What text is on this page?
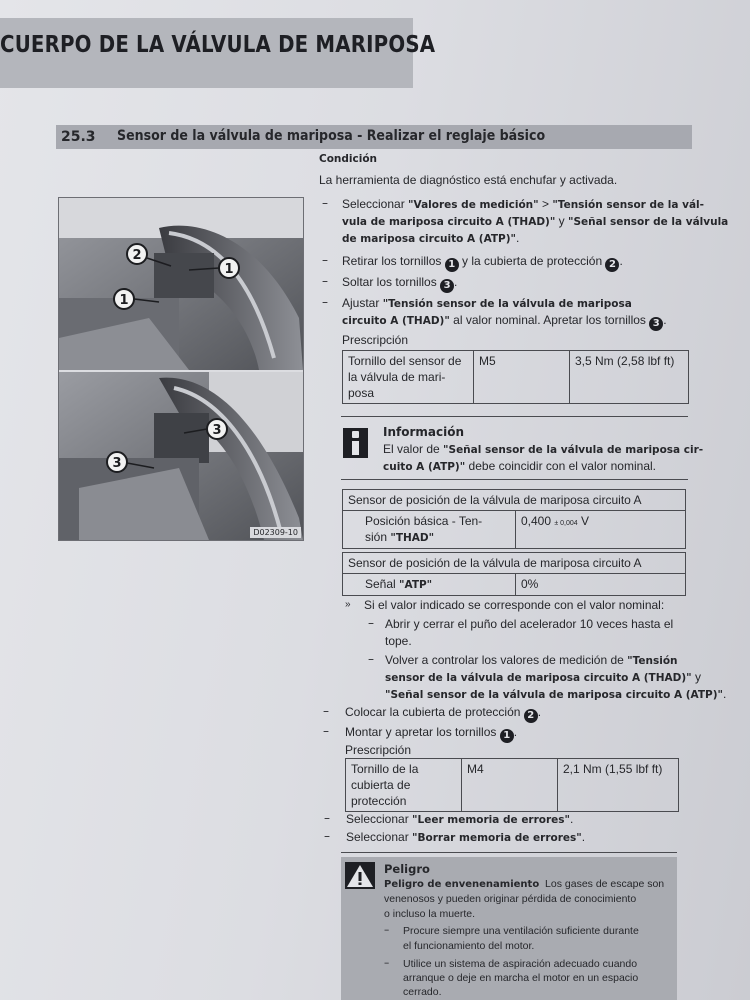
CUERPO DE LA VÁLVULA DE MARIPOSA
25.3 Sensor de la válvula de mariposa - Realizar el reglaje básico
2
1
1
3
3
D02309-10
Condición
La herramienta de diagnóstico está enchufar y activada.
– Seleccionar "Valores de medición" > "Tensión sensor de la vál-
vula de mariposa circuito A (THAD)" y "Señal sensor de la válvula
de mariposa circuito A (ATP)".
– Retirar los tornillos 1 y la cubierta de protección 2 .
– Soltar los tornillos 3 .
– Ajustar "Tensión sensor de la válvula de mariposa
circuito A (THAD)" al valor nominal. Apretar los tornillos 3 .
Prescripción
Tornillo del sensor de la válvula de mari-posa	M5	3,5 Nm (2,58 lbf ft)
Información
El valor de "Señal sensor de la válvula de mariposa cir-
cuito A (ATP)" debe coincidir con el valor nominal.
Sensor de posición de la válvula de mariposa circuito A
Posición básica - Ten-
sión "THAD"	0,400 ± 0,004 V
Sensor de posición de la válvula de mariposa circuito A
Señal "ATP"	0%
» Si el valor indicado se corresponde con el valor nominal:
– Abrir y cerrar el puño del acelerador 10 veces hasta el
tope.
– Volver a controlar los valores de medición de "Tensión
sensor de la válvula de mariposa circuito A (THAD)" y
"Señal sensor de la válvula de mariposa circuito A (ATP)".
– Colocar la cubierta de protección 2 .
– Montar y apretar los tornillos 1 .
Prescripción
Tornillo de la cubierta de protección	M4	2,1 Nm (1,55 lbf ft)
– Seleccionar "Leer memoria de errores".
– Seleccionar "Borrar memoria de errores".
Peligro
Peligro de envenenamiento Los gases de escape son
venenosos y pueden originar pérdida de conocimiento
o incluso la muerte.
– Procure siempre una ventilación suficiente durante
el funcionamiento del motor.
– Utilice un sistema de aspiración adecuado cuando
arranque o deje en marcha el motor en un espacio
cerrado.
